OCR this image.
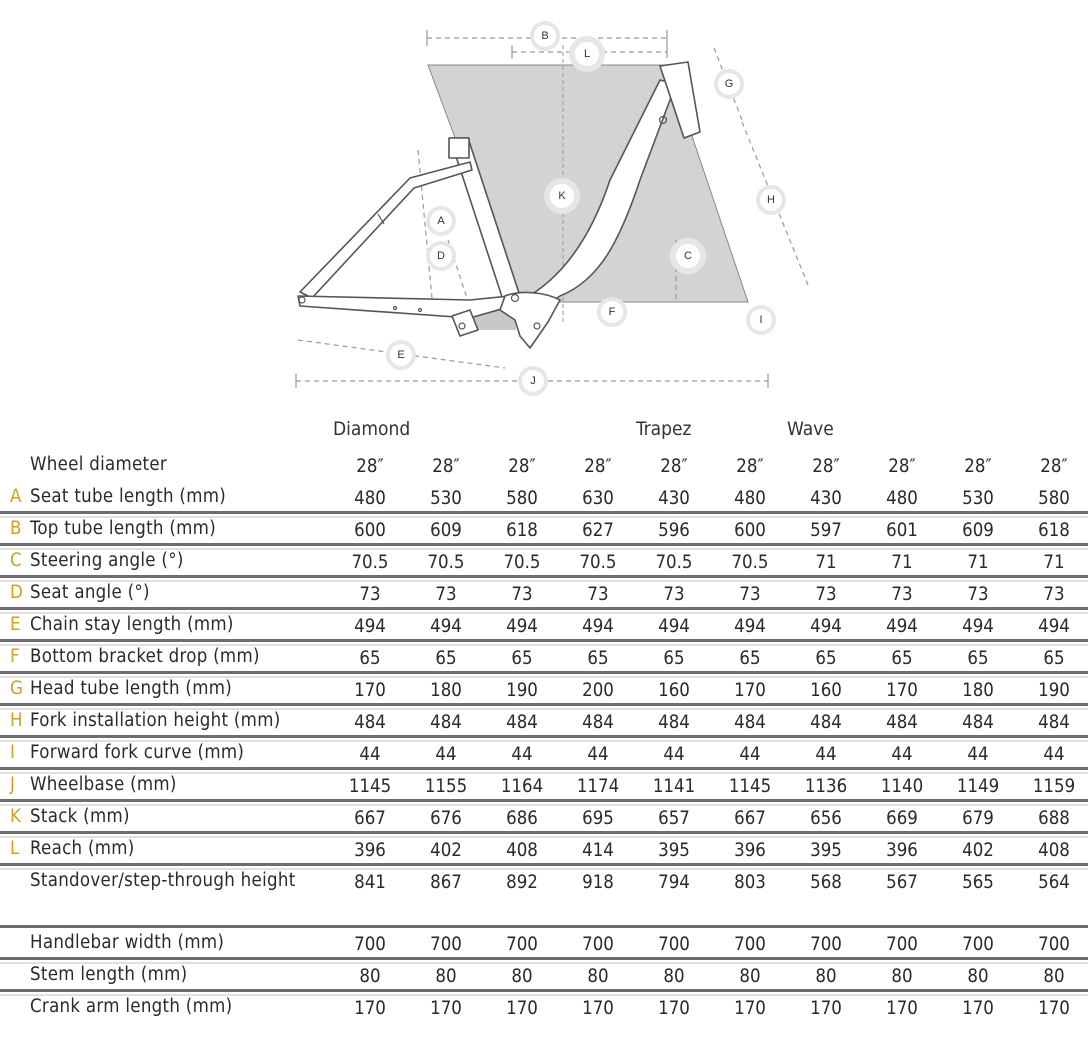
A
B
C
D
E
F
G
H
I
J
K
L
Diamond	Trapez	Wave
Wheel diameter	28″	28″	28″	28″	28″	28″	28″	28″	28″	28″
A Seat tube length (mm)	480	530	580	630	430	480	430	480	530	580
B Top tube length (mm)	600	609	618	627	596	600	597	601	609	618
C Steering angle (°)	70.5	70.5	70.5	70.5	70.5	70.5	71	71	71	71
D Seat angle (°)	73	73	73	73	73	73	73	73	73	73
E Chain stay length (mm)	494	494	494	494	494	494	494	494	494	494
F Bottom bracket drop (mm)	65	65	65	65	65	65	65	65	65	65
G Head tube length (mm)	170	180	190	200	160	170	160	170	180	190
H Fork installation height (mm)	484	484	484	484	484	484	484	484	484	484
I Forward fork curve (mm)	44	44	44	44	44	44	44	44	44	44
J Wheelbase (mm)	1145	1155	1164	1174	1141	1145	1136	1140	1149	1159
K Stack (mm)	667	676	686	695	657	667	656	669	679	688
L Reach (mm)	396	402	408	414	395	396	395	396	402	408
Standover/step-through height	841	867	892	918	794	803	568	567	565	564
Handlebar width (mm)	700	700	700	700	700	700	700	700	700	700
Stem length (mm)	80	80	80	80	80	80	80	80	80	80
Crank arm length (mm)	170	170	170	170	170	170	170	170	170	170
